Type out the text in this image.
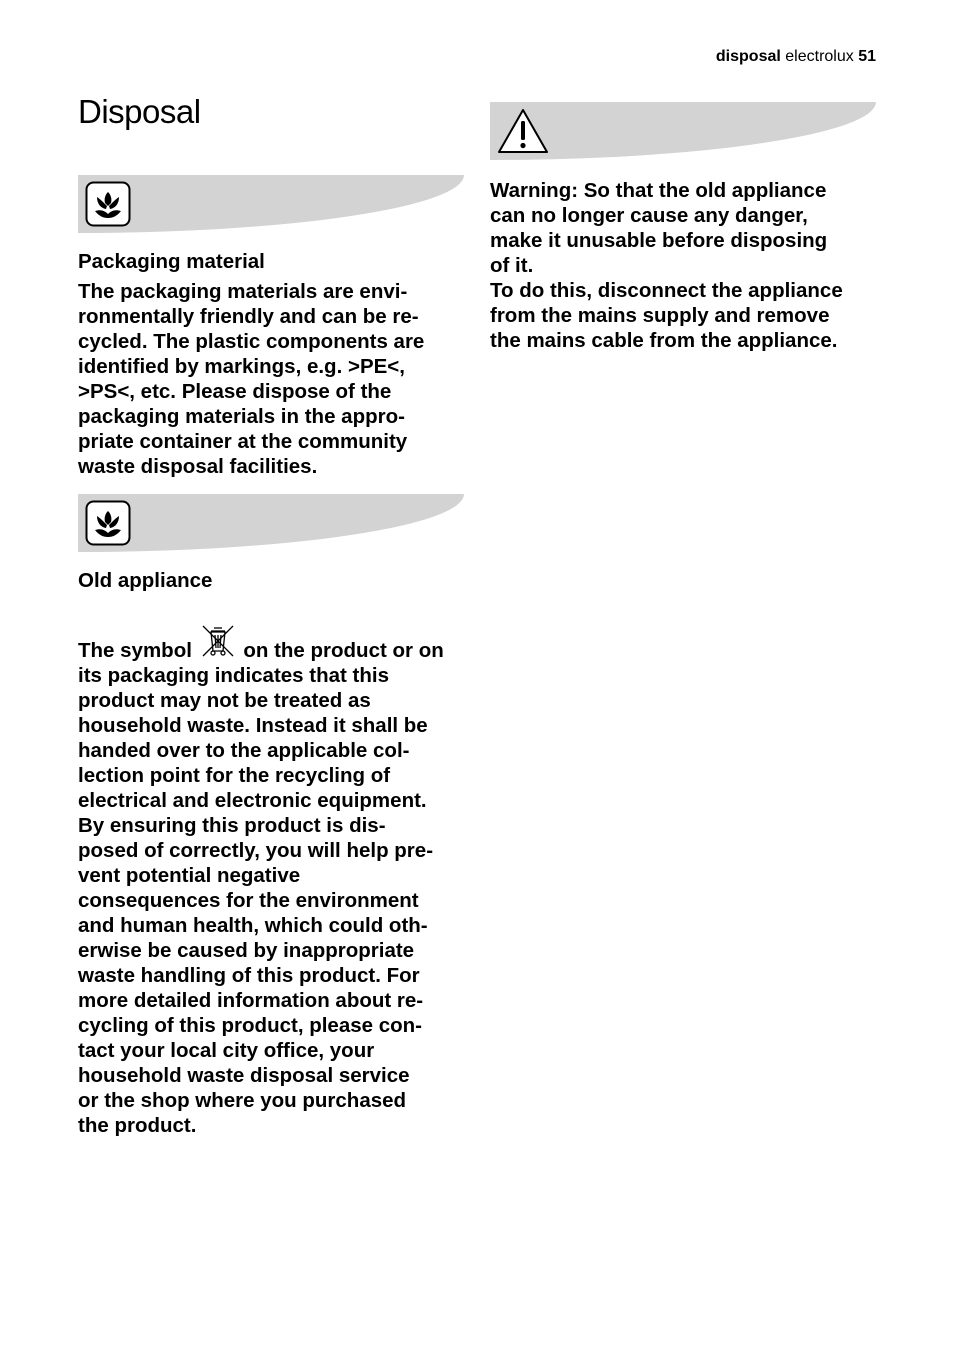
disposal electrolux 51
Disposal

Packaging material

The packaging materials are envi-
ronmentally friendly and can be re-
cycled. The plastic components are
identified by markings, e.g. >PE<,
>PS<, etc. Please dispose of the
packaging materials in the appro-
priate container at the community
waste disposal facilities.

Old appliance

The symbol	on the product or on

its packaging indicates that this
product may not be treated as
household waste. Instead it shall be
handed over to the applicable col-
lection point for the recycling of
electrical and electronic equipment.
By ensuring this product is dis-
posed of correctly, you will help pre-
vent potential negative
consequences for the environment
and human health, which could oth-
erwise be caused by inappropriate
waste handling of this product. For
more detailed information about re-
cycling of this product, please con-
tact your local city office, your
household waste disposal service
or the shop where you purchased
the product.
Warning: So that the old appliance
can no longer cause any danger,
make it unusable before disposing
of it.
To do this, disconnect the appliance
from the mains supply and remove
the mains cable from the appliance.
